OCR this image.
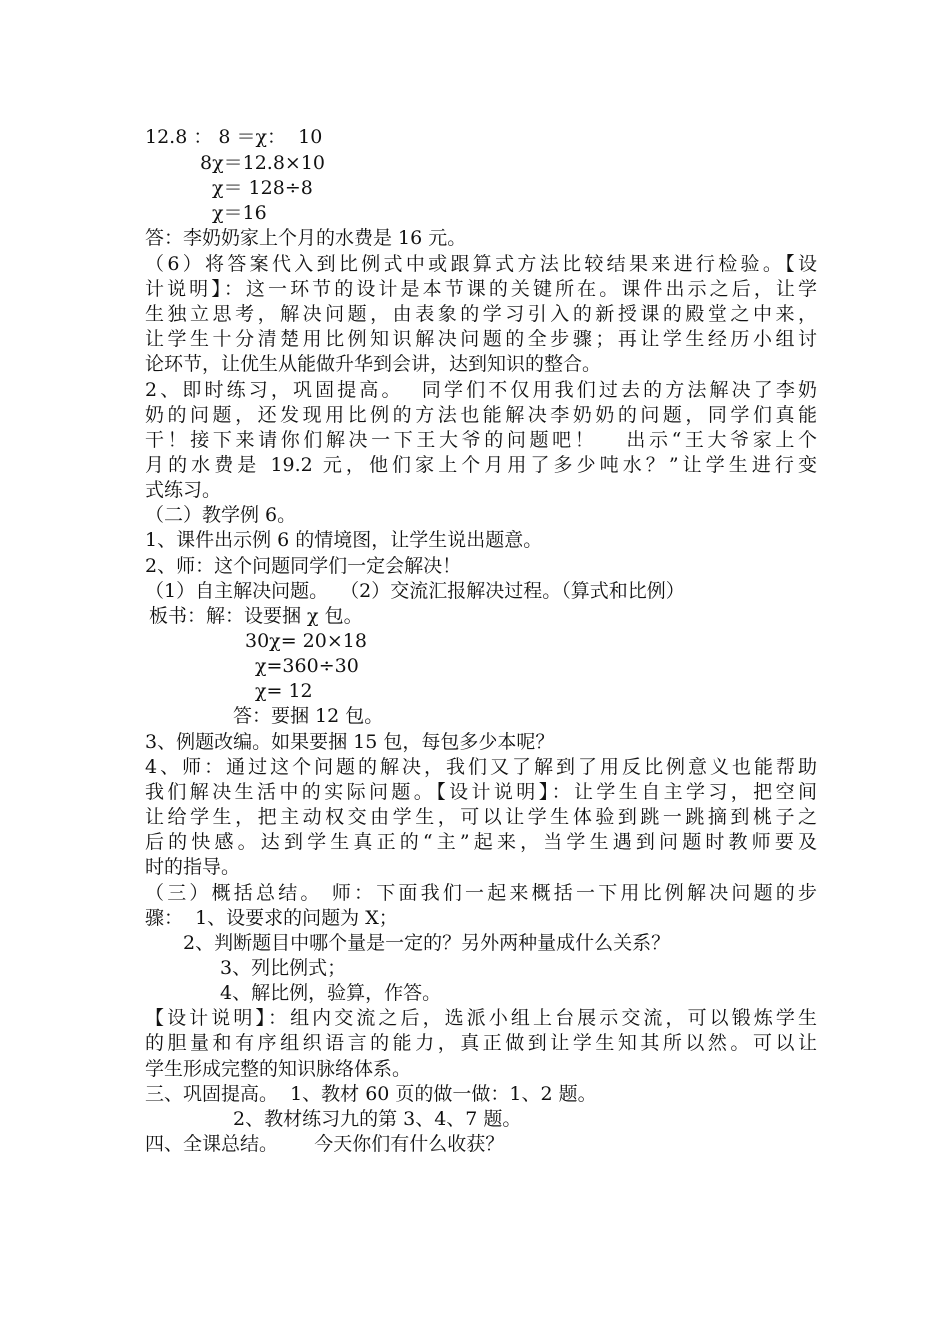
12.8 ： 8 ＝χ：  10
8χ＝12.8×10
χ＝ 128÷8
χ＝16
答：李奶奶家上个月的水费是 16 元。
（6）将答案代入到比例式中或跟算式方法比较结果来进行检验。【设
计说明】：这一环节的设计是本节课的关键所在。课件出示之后，让学
生独立思考，解决问题，由表象的学习引入的新授课的殿堂之中来，
让学生十分清楚用比例知识解决问题的全步骤；再让学生经历小组讨
论环节，让优生从能做升华到会讲，达到知识的整合。
2、即时练习，巩固提高。  同学们不仅用我们过去的方法解决了李奶
奶的问题，还发现用比例的方法也能解决李奶奶的问题，同学们真能
干！接下来请你们解决一下王大爷的问题吧！   出示“王大爷家上个
月的水费是 19.2 元，他们家上个月用了多少吨水？”让学生进行变
式练习。
（二）教学例 6。
1、课件出示例 6 的情境图，让学生说出题意。
2、师：这个问题同学们一定会解决！
（1）自主解决问题。  （2）交流汇报解决过程。（算式和比例）
板书：解：设要捆 χ 包。
30χ= 20×18
χ=360÷30
χ= 12
答：要捆 12 包。
3、例题改编。如果要捆 15 包，每包多少本呢？
4、师：通过这个问题的解决，我们又了解到了用反比例意义也能帮助
我们解决生活中的实际问题。【设计说明】：让学生自主学习，把空间
让给学生，把主动权交由学生，可以让学生体验到跳一跳摘到桃子之
后的快感。达到学生真正的“主”起来，当学生遇到问题时教师要及
时的指导。
（三）概括总结。 师：下面我们一起来概括一下用比例解决问题的步
骤：  1、设要求的问题为 X；
2、判断题目中哪个量是一定的？另外两种量成什么关系？
3、列比例式；
4、解比例，验算，作答。
【设计说明】：组内交流之后，选派小组上台展示交流，可以锻炼学生
的胆量和有序组织语言的能力，真正做到让学生知其所以然。可以让
学生形成完整的知识脉络体系。
三、巩固提高。  1、教材 60 页的做一做：1、2 题。
2、教材练习九的第 3、4、7 题。
四、全课总结。      今天你们有什么收获？
